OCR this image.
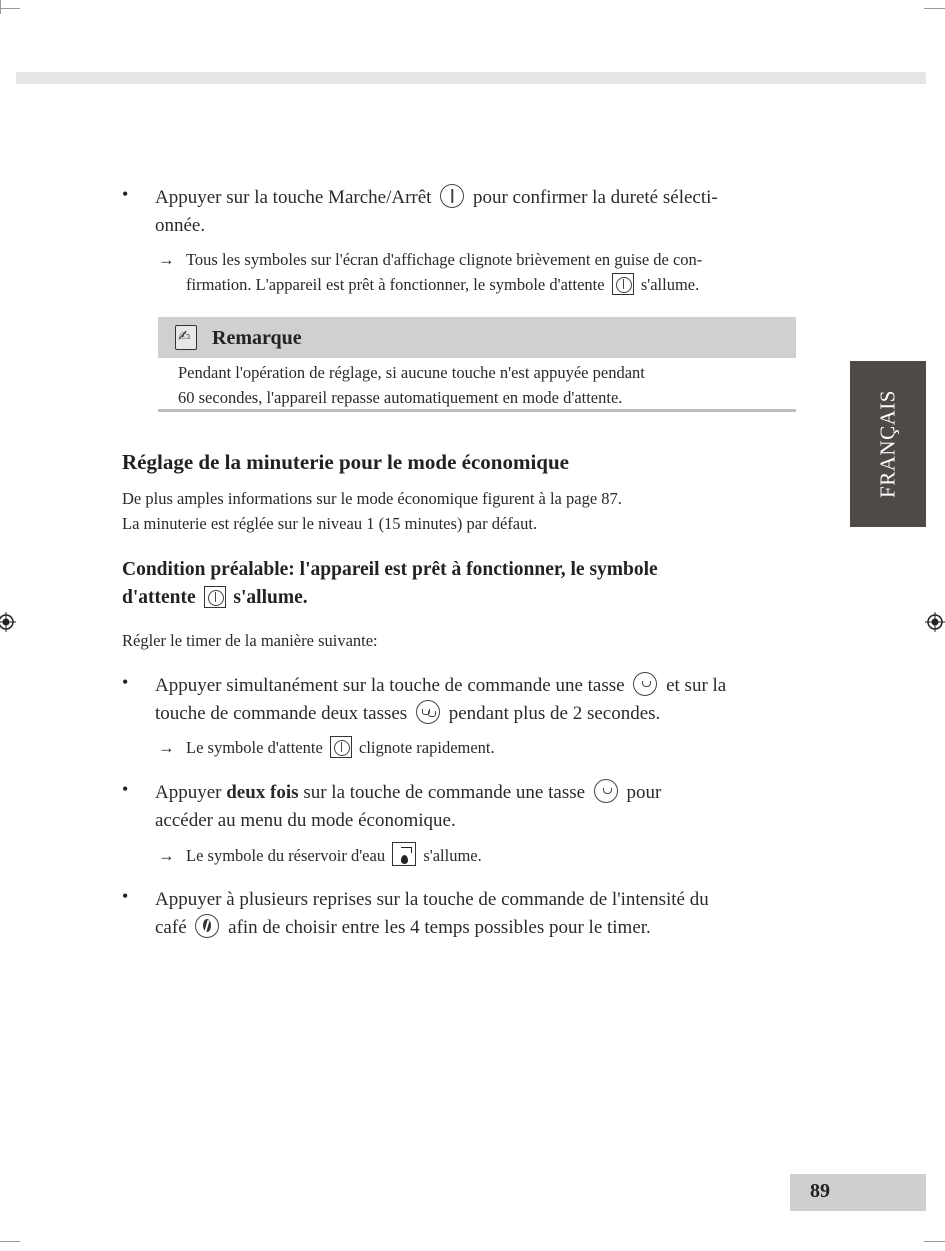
FRANÇAIS
• Appuyer sur la touche Marche/Arrêt pour confirmer la dureté sélecti-
onnée.
→ Tous les symboles sur l'écran d'affichage clignote brièvement en guise de con-
firmation. L'appareil est prêt à fonctionner, le symbole d'attente s'allume.
✍
Remarque
Pendant l'opération de réglage, si aucune touche n'est appuyée pendant
60 secondes, l'appareil repasse automatiquement en mode d'attente.
Réglage de la minuterie pour le mode économique
De plus amples informations sur le mode économique figurent à la page 87.
La minuterie est réglée sur le niveau 1 (15 minutes) par défaut.
Condition préalable: l'appareil est prêt à fonctionner, le symbole
d'attente s'allume.
Régler le timer de la manière suivante:
• Appuyer simultanément sur la touche de commande une tasse et sur la
touche de commande deux tasses pendant plus de 2 secondes.
→ Le symbole d'attente clignote rapidement.
• Appuyer deux fois sur la touche de commande une tasse pour
accéder au menu du mode économique.
→ Le symbole du réservoir d'eau s'allume.
• Appuyer à plusieurs reprises sur la touche de commande de l'intensité du
café afin de choisir entre les 4 temps possibles pour le timer.
89
